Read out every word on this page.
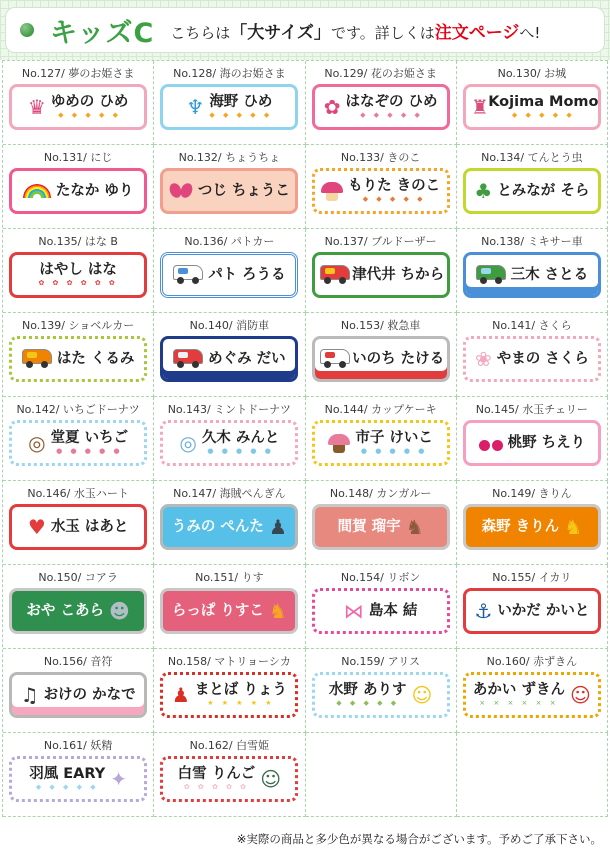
キッズC こちらは 「大サイズ」 です。詳しくは 注文ページ へ!
No.127/ 夢のお姫さま
♛ ゆめの ひめ
◆ ◆ ◆ ◆ ◆
No.128/ 海のお姫さま
♆ 海野 ひめ
◆ ◆ ◆ ◆ ◆
No.129/ 花のお姫さま
✿ はなぞの ひめ
◆ ◆ ◆ ◆ ◆
No.130/ お城
♜ Kojima Momo
◆ ◆ ◆ ◆ ◆
No.131/ にじ
たなか ゆり
No.132/ ちょうちょ
つじ ちょうこ
No.133/ きのこ
もりた きのこ
◆ ◆ ◆ ◆ ◆
No.134/ てんとう虫
♣ とみなが そら
No.135/ はな B
はやし はな
✿ ✿ ✿ ✿ ✿ ✿
No.136/ パトカー
パト ろうる
No.137/ ブルドーザー
津代井 ちから
No.138/ ミキサー車
三木 さとる
No.139/ ショベルカー
はた くるみ
No.140/ 消防車
めぐみ だい
No.153/ 救急車
いのち たける
No.141/ さくら
❀ やまの さくら
No.142/ いちごドーナツ
◎ 堂夏 いちご
● ● ● ● ●
No.143/ ミントドーナツ
◎ 久木 みんと
● ● ● ● ●
No.144/ カップケーキ
市子 けいこ
● ● ● ● ●
No.145/ 水玉チェリー
桃野 ちえり
No.146/ 水玉ハート
♥ 水玉 はあと
No.147/ 海賊ぺんぎん
♟
うみの ぺんた
No.148/ カンガルー
♞
間賀 瑠宇
No.149/ きりん
♞
森野 きりん
No.150/ コアラ
☻
おや こあら
No.151/ りす
♞
らっぱ りすこ
No.154/ リボン
⋈ 島本 結
No.155/ イカリ
⚓ いかだ かいと
No.156/ 音符
♫ おけの かなで
No.158/ マトリョーシカ
♟ まとば りょう
★ ★ ★ ★ ★
No.159/ アリス
☺
水野 ありす
◆ ◆ ◆ ◆ ◆
No.160/ 赤ずきん
☺
あかい ずきん
× × × × × ×
No.161/ 妖精
✦
羽風 EARY
◆ ◆ ◆ ◆ ◆
No.162/ 白雪姫
☺
白雪 りんご
✿ ✿ ✿ ✿ ✿
※実際の商品と多少色が異なる場合がございます。予めご了承下さい。
